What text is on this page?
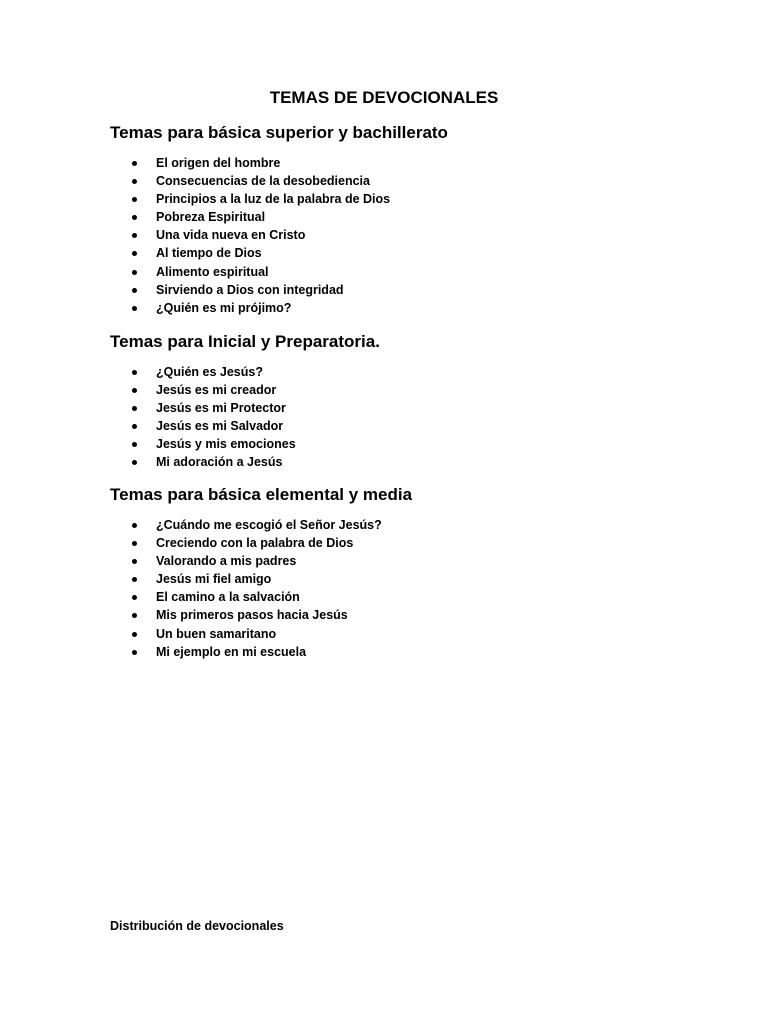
TEMAS DE DEVOCIONALES
Temas para básica superior y bachillerato
El origen del hombre
Consecuencias de la desobediencia
Principios a la luz de la palabra de Dios
Pobreza Espiritual
Una vida nueva en Cristo
Al tiempo de Dios
Alimento espiritual
Sirviendo a Dios con integridad
¿Quién es mi prójimo?
Temas para Inicial y Preparatoria.
¿Quién es Jesús?
Jesús es mi creador
Jesús es mi Protector
Jesús es mi Salvador
Jesús y mis emociones
Mi adoración a Jesús
Temas para básica elemental y media
¿Cuándo me escogió el Señor Jesús?
Creciendo con la palabra de Dios
Valorando a mis padres
Jesús mi fiel amigo
El camino a la salvación
Mis primeros pasos hacia Jesús
Un buen samaritano
Mi ejemplo en mi escuela

Distribución de devocionales
